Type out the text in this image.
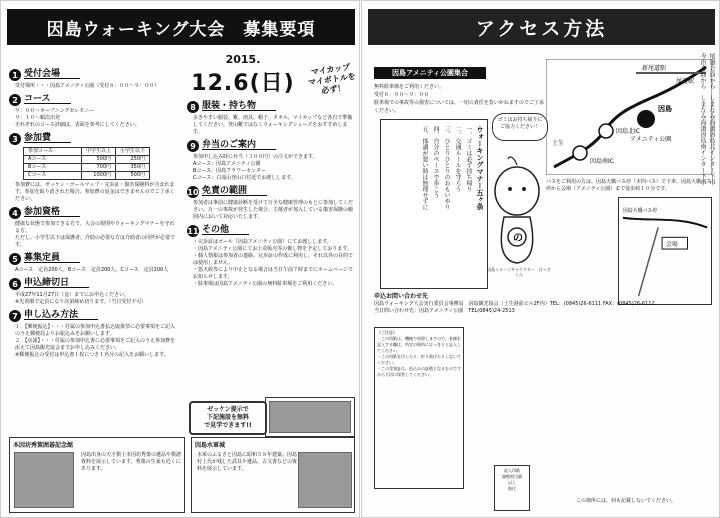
因島ウォーキング大会　募集要項
2015.
12.6(日)
マイカップ
マイボトルを
必ず！
1 受付会場
受付場所・・・因島アメニティ公園（受付８：００～９：００）
2 コース
９：００～オープニングセレモニー
９：１０～順次出発
それぞれのコース詳細は、表面を参考にしてください。
3 参加費
参加コース	中学生以上	小学生以下
Aコース	500円	250円
Bコース	700円	350円
Cコース	1000円	500円
参加費には、ゼッケン・ゴールマップ・完歩証・傷害保険料が含まれます。参加を取り消された場合、参加費の返金はできませんのでご了承ください。
4 参加資格
健康な状態で参加できる方で、大会の規則やウォーキングマナーを守れる方。
ただし、小学生以下は保護者、介助の必要な方は介助者の同伴が必要です。
5 募集定員
Aコース　定員200人、Bコース　定員200人、Cコース　定員200人
6 申込締切日
平成27年11月27日（金）までにお申込ください。
※先着順で定員になり次第締め切ります。（当日受付不可）
7 申し込み方法
１．【郵便振込】・・・付属の参加申込書払込取扱票に必要事項をご記入のうえ郵便局よりお振込みをお願いします。
２．【店頭】・・・付属の参加申込書に必要事項をご記入のうえ参加費を添えて因島観光協会までお申し込みください。
※郵便振込の受付は申込書１枚につき１名分の記入をお願いします。
8 服装・持ち物
歩きやすい服装、靴、雨具、帽子、タオル、マイカップなど各自で準備してください。登山靴ではなくウォーキングシューズをおすすめします。
9 弁当のご案内
参加申し込み時に弁当（３００円）の注文ができます。
Aコース：因島アメニティ公園
Bコース：因島フラワーセンター
Cコース：白滝山登山口付近でお渡しします。
10 免責の範囲
参加者は事前に健康診断を受けて万全な健康管理のもとに参加してください。万一の事故が発生した場合、主催者が加入している傷害保険の範囲内において対応いたします。
11 その他
・完歩証はゴール（因島アメニティ公園）にてお渡しします。
・因島アメニティ公園にてお土産販売等の催し物を予定しております。
・個人情報は参加者の連絡、完歩証の作成に利用し、それ以外の目的では使用しません。
・悪天候等により中止となる場合は当日午前７時までにホームページでお知らせします。
・駐車場は因島アメニティ公園の無料駐車場をご利用ください。
ゼッケン提示で
下記施設を無料
で見学できます!!
本因坊秀策囲碁記念館
因島出身の天才棋士本因坊秀策の遺品や棋譜資料を展示しています。秀策の生家も近くにあります。
因島水軍城
水軍のふるさと因島に昭和５８年建築。因島村上氏が残した武具や遺品、古文書などの資料を展示しています。
アクセス方法
因島アメニティ公園集合
無料駐車場をご利用ください。
受付８：００～９：００
駐車場での事故等の損害については、一切の責任を負いかねますのでご了承ください。
因島北IC
因島南IC
アメニティ公園
土生
新尾道駅
尾道駅
因島
尾道方面から　しまなみ海道因島北インター下車
今治方面から　しまなみ海道因島南インター下車
バスをご利用の方は、因島大橋バス停（本四バス）で下車、因島大橋バス停から会場（アメニティ公園）まで徒歩約１０分です。
ウォーキングマナー五ヶ条
一、ゴミは必ず持ち帰り
二、交通ルールを守ろう
三、ひとりひとりのおもいやり
四、自分のペースで歩こう
五、体調が悪い時は無理せずに
ゴミはお持ち帰りにご協力ください！
の
因島イメージキャラクター　はっさくん
会場
因島大橋バス停
申込お問い合わせ先
因島ウォーキング大会実行委員会事務局　因島観光協会（土生港前ビル2F内）TEL：(0845)26-6111 FAX：(0845)26-6112
当日問い合わせ先：因島アメニティ公園　TEL(0845)24-2513
《ご注意》
・この用紙は、機械で処理しますので、金額を記入する欄は、所定の場所にはっきりと記入してください。
・この用紙を汚したり、折り曲げたりしないでください。
・この受領証は、払込みの証拠となるものですから大切に保管してください。
収入印紙
課税相当額
以上
貼付
この場所には、何も記載しないでください。
